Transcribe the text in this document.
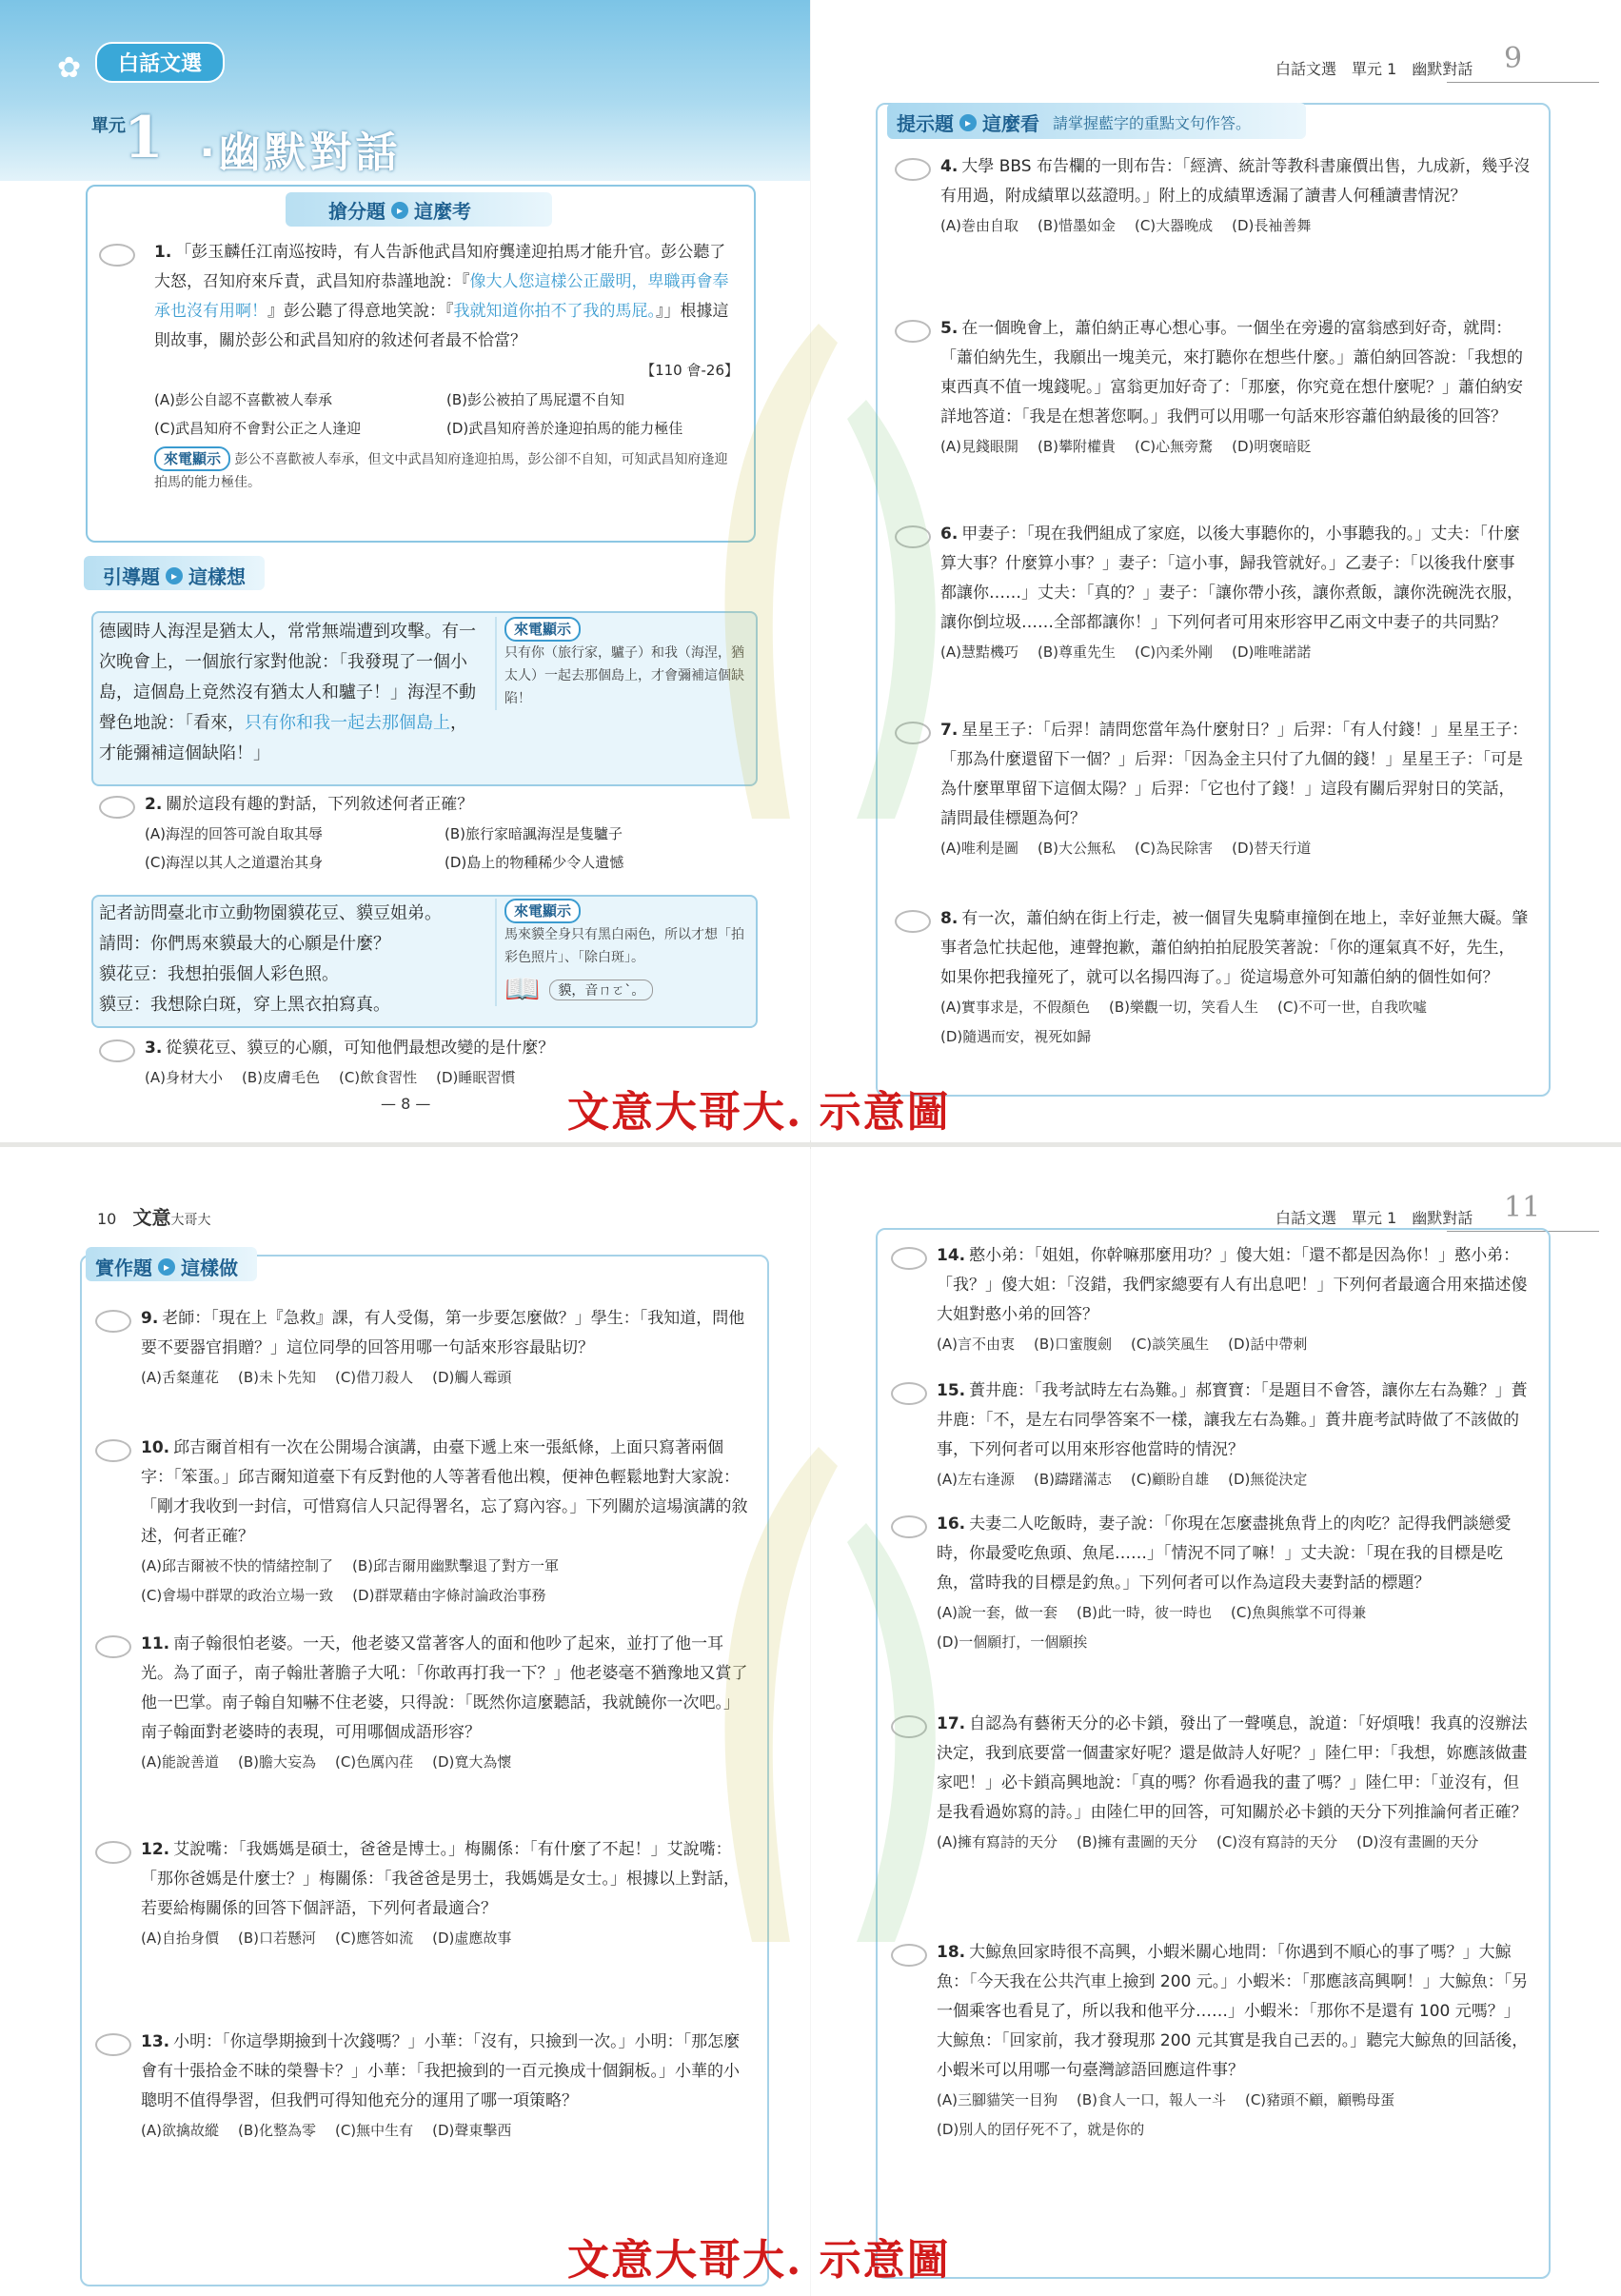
✿	白話文選
單元
1 ‧幽默對話
搶分題 ▸ 這麼考
1. 「彭玉麟任江南巡按時，有人告訴他武昌知府龔達迎拍馬才能升官。彭公聽了大怒，召知府來斥責，武昌知府恭謹地說：『像大人您這樣公正嚴明，卑職再會奉承也沒有用啊！』彭公聽了得意地笑說：『我就知道你拍不了我的馬屁。』」根據這則故事，關於彭公和武昌知府的敘述何者最不恰當？
【110 會-26】
(A)彭公自認不喜歡被人奉承	(B)彭公被拍了馬屁還不自知
(C)武昌知府不會對公正之人逢迎	(D)武昌知府善於逢迎拍馬的能力極佳
來電顯示 彭公不喜歡被人奉承，但文中武昌知府逢迎拍馬，彭公卻不自知，可知武昌知府逢迎拍馬的能力極佳。
引導題 ▸ 這樣想
德國時人海涅是猶太人，常常無端遭到攻擊。有一次晚會上，一個旅行家對他說：「我發現了一個小島，這個島上竟然沒有猶太人和驢子！」海涅不動聲色地說：「看來，只有你和我一起去那個島上，才能彌補這個缺陷！」
來電顯示
只有你（旅行家，驢子）和我（海涅，猶太人）一起去那個島上，才會彌補這個缺陷！
2. 關於這段有趣的對話，下列敘述何者正確？
(A)海涅的回答可說自取其辱	(B)旅行家暗諷海涅是隻驢子
(C)海涅以其人之道還治其身	(D)島上的物種稀少令人遺憾
記者訪問臺北市立動物園貘花豆、貘豆姐弟。
請問：你們馬來貘最大的心願是什麼？
貘花豆：我想拍張個人彩色照。
貘豆：我想除白斑，穿上黑衣拍寫真。
來電顯示
馬來貘全身只有黑白兩色，所以才想「拍彩色照片」、「除白斑」。
📖	貘，音ㄇㄛˋ。
3. 從貘花豆、貘豆的心願，可知他們最想改變的是什麼？
(A)身材大小 (B)皮膚毛色 (C)飲食習性 (D)睡眠習慣
— 8 —
白話文選　單元 1　幽默對話 9
提示題 ▸ 這麼看 請掌握藍字的重點文句作答。
4. 大學 BBS 布告欄的一則布告：「經濟、統計等教科書廉價出售，九成新，幾乎沒有用過，附成績單以茲證明。」附上的成績單透漏了讀書人何種讀書情況？
(A)巻由自取 (B)惜墨如金 (C)大器晚成 (D)長袖善舞
5. 在一個晚會上，蕭伯納正專心想心事。一個坐在旁邊的富翁感到好奇，就問：「蕭伯納先生，我願出一塊美元，來打聽你在想些什麼。」蕭伯納回答說：「我想的東西真不值一塊錢呢。」富翁更加好奇了：「那麼，你究竟在想什麼呢？」蕭伯納安詳地答道：「我是在想著您啊。」我們可以用哪一句話來形容蕭伯納最後的回答？
(A)見錢眼開 (B)攀附權貴 (C)心無旁騖 (D)明褒暗貶
6. 甲妻子：「現在我們組成了家庭，以後大事聽你的，小事聽我的。」丈夫：「什麼算大事？什麼算小事？」妻子：「這小事，歸我管就好。」乙妻子：「以後我什麼事都讓你……」丈夫：「真的？」妻子：「讓你帶小孩，讓你煮飯，讓你洗碗洗衣服，讓你倒垃圾……全部都讓你！」下列何者可用來形容甲乙兩文中妻子的共同點？
(A)慧黠機巧 (B)尊重先生 (C)內柔外剛 (D)唯唯諾諾
7. 星星王子：「后羿！請問您當年為什麼射日？」后羿：「有人付錢！」星星王子：「那為什麼還留下一個？」后羿：「因為金主只付了九個的錢！」星星王子：「可是為什麼單單留下這個太陽？」后羿：「它也付了錢！」這段有關后羿射日的笑話，請問最佳標題為何？
(A)唯利是圖 (B)大公無私 (C)為民除害 (D)替天行道
8. 有一次，蕭伯納在街上行走，被一個冒失鬼騎車撞倒在地上，幸好並無大礙。肇事者急忙扶起他，連聲抱歉，蕭伯納拍拍屁股笑著說：「你的運氣真不好，先生，如果你把我撞死了，就可以名揚四海了。」從這場意外可知蕭伯納的個性如何？
(A)實事求是，不假顏色 (B)樂觀一切，笑看人生 (C)不可一世，自我吹噓
(D)隨遇而安，視死如歸
10 文意大哥大
實作題 ▸ 這樣做
9. 老師：「現在上『急救』課，有人受傷，第一步要怎麼做？」學生：「我知道，問他要不要器官捐贈？」這位同學的回答用哪一句話來形容最貼切？
(A)舌粲蓮花 (B)未卜先知 (C)借刀殺人 (D)觸人霉頭
10. 邱吉爾首相有一次在公開場合演講，由臺下遞上來一張紙條，上面只寫著兩個字：「笨蛋。」邱吉爾知道臺下有反對他的人等著看他出糗，便神色輕鬆地對大家說：「剛才我收到一封信，可惜寫信人只記得署名，忘了寫內容。」下列關於這場演講的敘述，何者正確？
(A)邱吉爾被不快的情緒控制了 (B)邱吉爾用幽默擊退了對方一軍
(C)會場中群眾的政治立場一致 (D)群眾藉由字條討論政治事務
11. 南子翰很怕老婆。一天，他老婆又當著客人的面和他吵了起來，並打了他一耳光。為了面子，南子翰壯著膽子大吼：「你敢再打我一下？」他老婆毫不猶豫地又賞了他一巴掌。南子翰自知嚇不住老婆，只得說：「既然你這麼聽話，我就饒你一次吧。」南子翰面對老婆時的表現，可用哪個成語形容？
(A)能說善道 (B)膽大妄為 (C)色厲內荏 (D)寬大為懷
12. 艾說嘴：「我媽媽是碩士，爸爸是博士。」梅關係：「有什麼了不起！」艾說嘴：「那你爸媽是什麼士？」梅關係：「我爸爸是男士，我媽媽是女士。」根據以上對話，若要給梅關係的回答下個評語，下列何者最適合？
(A)自抬身價 (B)口若懸河 (C)應答如流 (D)虛應故事
13. 小明：「你這學期撿到十次錢嗎？」小華：「沒有，只撿到一次。」小明：「那怎麼會有十張拾金不昧的榮譽卡？」小華：「我把撿到的一百元換成十個銅板。」小華的小聰明不值得學習，但我們可得知他充分的運用了哪一項策略？
(A)欲擒故縱 (B)化整為零 (C)無中生有 (D)聲東擊西
白話文選　單元 1　幽默對話 11
14. 憨小弟：「姐姐，你幹嘛那麼用功？」傻大姐：「還不都是因為你！」憨小弟：「我？」傻大姐：「沒錯，我們家總要有人有出息吧！」下列何者最適合用來描述傻大姐對憨小弟的回答？
(A)言不由衷 (B)口蜜腹劍 (C)談笑風生 (D)話中帶刺
15. 蕢井鹿：「我考試時左右為難。」郝寶寶：「是題目不會答，讓你左右為難？」蕢井鹿：「不，是左右同學答案不一樣，讓我左右為難。」蕢井鹿考試時做了不該做的事，下列何者可以用來形容他當時的情況？
(A)左右逢源 (B)躊躇滿志 (C)顧盼自雄 (D)無從決定
16. 夫妻二人吃飯時，妻子說：「你現在怎麼盡挑魚背上的肉吃？記得我們談戀愛時，你最愛吃魚頭、魚尾……」「情況不同了嘛！」丈夫說：「現在我的目標是吃魚，當時我的目標是釣魚。」下列何者可以作為這段夫妻對話的標題？
(A)說一套，做一套 (B)此一時，彼一時也 (C)魚與熊掌不可得兼
(D)一個願打，一個願挨
17. 自認為有藝術天分的必卡鎖，發出了一聲嘆息，說道：「好煩哦！我真的沒辦法決定，我到底要當一個畫家好呢？還是做詩人好呢？」陸仁甲：「我想，妳應該做畫家吧！」必卡鎖高興地說：「真的嗎？你看過我的畫了嗎？」陸仁甲：「並沒有，但是我看過妳寫的詩。」由陸仁甲的回答，可知關於必卡鎖的天分下列推論何者正確？
(A)擁有寫詩的天分 (B)擁有畫圖的天分 (C)沒有寫詩的天分 (D)沒有畫圖的天分
18. 大鯨魚回家時很不高興，小蝦米關心地問：「你遇到不順心的事了嗎？」大鯨魚：「今天我在公共汽車上撿到 200 元。」小蝦米：「那應該高興啊！」大鯨魚：「另一個乘客也看見了，所以我和他平分……」小蝦米：「那你不是還有 100 元嗎？」大鯨魚：「回家前，我才發現那 200 元其實是我自己丟的。」聽完大鯨魚的回話後，小蝦米可以用哪一句臺灣諺語回應這件事？
(A)三腳貓笑一目狗 (B)食人一口，報人一斗 (C)豬頭不顧，顧鴨母蛋
(D)別人的囝仔死不了，就是你的
文意大哥大. 示意圖
文意大哥大. 示意圖
